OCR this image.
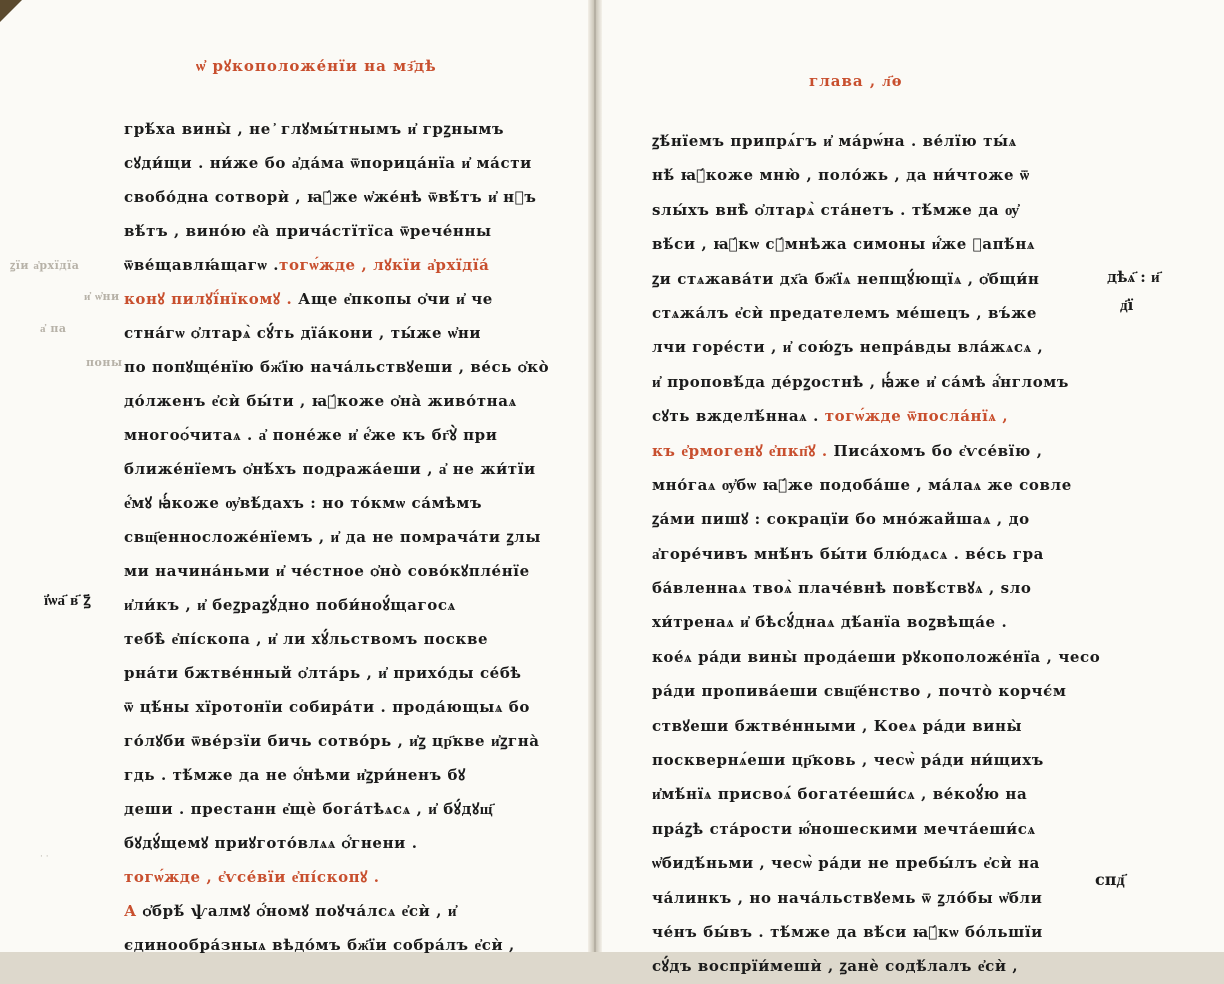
ѡ҆ рꙋкоположе́нїи на мз҃дѣ
ꙁїи а҆рхїдїа
и҆ ѡ҆ни
а҆ па
поны
грѣ́ха вины̀ , не ҆ глꙋмы́тнымъ и҆ грꙁнымъ
сꙋди́щи . ни́же бо а҆да́ма ѿпорица́нїа и҆ ма́сти
свобо́дна сотворѝ , ꙗ҆́же ѡ҆же́нѣ ѿвѣ́тъ и҆ нꙁъ
вѣ́тъ , вино́ю е҆а̀ прича́стїтїса ѿрече́нны
ѿве́щавлꙗ́щагѡ .тогѡ́жде , лꙋкїи а҆рхїдїа́
конꙋ пилꙋї́нїкомꙋ . Аще е҆пкопы ѻ҆чи и҆ че
стна́гѡ ѻ҆лтарѧ̀ сꙋ́ть дїа́кони , ты́же ѡ҆ни
по попꙋще́нїю бж҃їю нача́льствꙋеши , ве́сь ѻ҆ко̀
до́лженъ е҆сѝ бы́ти , ꙗ҆́коже ѻ҆на̀ живо́тнаѧ
многоѻ́читаѧ . а҆ поне́же и҆ е҆́же къ бг҃ꙋ̀ при
ближе́нїемъ ѻ҆нѣ́хъ подража́еши , а҆ не жи́тїи
е҆́мꙋ ꙗ҆́коже ѹ҆вѣ́дахъ : но то́кмѡ са́мѣмъ
свщ҃енносложе́нїемъ , и҆ да не помрача́ти ꙁлы
ми начина́ньми и҆ че́стное ѻ҆но̀ сово́кꙋпле́нїе
и҆ли́къ , и҆ беꙁраꙁꙋ́дно поби́ноꙋ́щагосѧ
тебѣ̀ е҆пі́скопа , и҆ ли хꙋ́льствомъ поскве
рна́ти бжтве́нный ѻ҆лта́рь , и҆ прихо́ды се́бѣ
ѿ цѣ́ны хїротонїи собира́ти . прода́ющыѧ бо
го́лꙋби ѿве́рзїи бичь сотво́рь , и҆ꙁ цр҃кве и҆ꙁгна̀
гдь . тѣ́мже да не ѻ҆́нѣми и҆ꙁри́ненъ бꙋ
деши . престанн е҆щѐ бога́тѣѧсѧ , и҆ бꙋ́дꙋщ҃
бꙋдꙋ́щемꙋ приꙋгото́влѧѧ ѻ҆́гнени .
тогѡ́жде , є҆ѵсе́вїи е҆пі́скопꙋ .
А ѻ҆брѣ́ ѱалмꙋ ѻ҆́номꙋ поꙋча́лсѧ е҆сѝ , и҆
єдинообра́зныѧ вѣдо́мъ бж҃їи собра́лъ е҆сѝ ,
ї҆ѡа҃ в҃ ꙁ҃
· ·
глава , л҃ѳ
ꙁѣ́нїемъ припрѧ́гъ и҆ ма́рѡ́на . ве́лїю ты́ѧ
нѣ́ ꙗ҆́коже мню̀ , поло́жь , да ни́чтоже ѿ
ѕлы́хъ внѣ̀ ѻ҆лтарѧ̀ ста́нетъ . тѣ́мже да ѹ҆
вѣ́си , ꙗ҆́кѡ сꙋ́мнѣжа симоны и҆́же ꙁапѣ́нѧ
ꙁи стѧжава́ти дх҃а бж҃їѧ непщꙋ́ющїѧ , ѻ҆бщи́н
стѧжа́лъ е҆сѝ предателемъ ме́шецъ , въ́же
лчи горе́сти , и҆ сою́ꙁъ непра́вды вла́жѧсѧ ,
и҆ проповѣ́да де́рꙁостнѣ , ꙗ҆́же и҆ са́мѣ а҆́нгломъ
сꙋть вжделѣ́ннаѧ . тогѡ́жде ѿпосла́нїѧ ,
къ е҆рмогенꙋ е҆пкп҃ꙋ . Писа́хомъ бо є҆ѵсе́вїю ,
мно́гаѧ ѹ҆бѡ ꙗ҆́же подоба́ше , ма́лаѧ же совле
ꙁа́ми пишꙋ : сокрацїи бо мно́жайшаѧ , до
а҆горе́чивъ мнѣ́нъ бы́ти блю́дѧсѧ . ве́сь гра
ба́вленнаѧ твоѧ̀ плаче́внѣ повѣ́ствꙋѧ , ѕло
хи́тренаѧ и҆ бѣсꙋ́днаѧ дѣ́анїа воꙁвѣща́е .
кое́ѧ ра́ди вины̀ прода́еши рꙋкоположе́нїа , чесо
ра́ди пропива́еши свщ҃е́нство , почто̀ корчє́м
ствꙋеши бжтве́нными , Коеѧ ра́ди вины̀
посквернѧ́еши цр҃ковь , чесѡ̀ ра́ди ни́щихъ
и҆мѣ́нїѧ присвоѧ́ богате́еши́сѧ , ве́коꙋ́ю на
пра́ꙁѣ ста́рости ю҆́ношескими мечта́еши́сѧ
ѡ҆бидѣ́ньми , чесѡ̀ ра́ди не пребы́лъ е҆сѝ на
ча́линкъ , но нача́льствꙋемь ѿ ꙁло́бы ѡ҆бли
че́нъ бы́въ . тѣ́мже да вѣ́си ꙗ҆́кѡ бо́льшїи
сꙋ́дъ воспрїи́мешѝ , ꙁанѐ содѣ́лалъ е҆сѝ ,
дѣѧ҃ : и҃
д҃ї
спд҃
